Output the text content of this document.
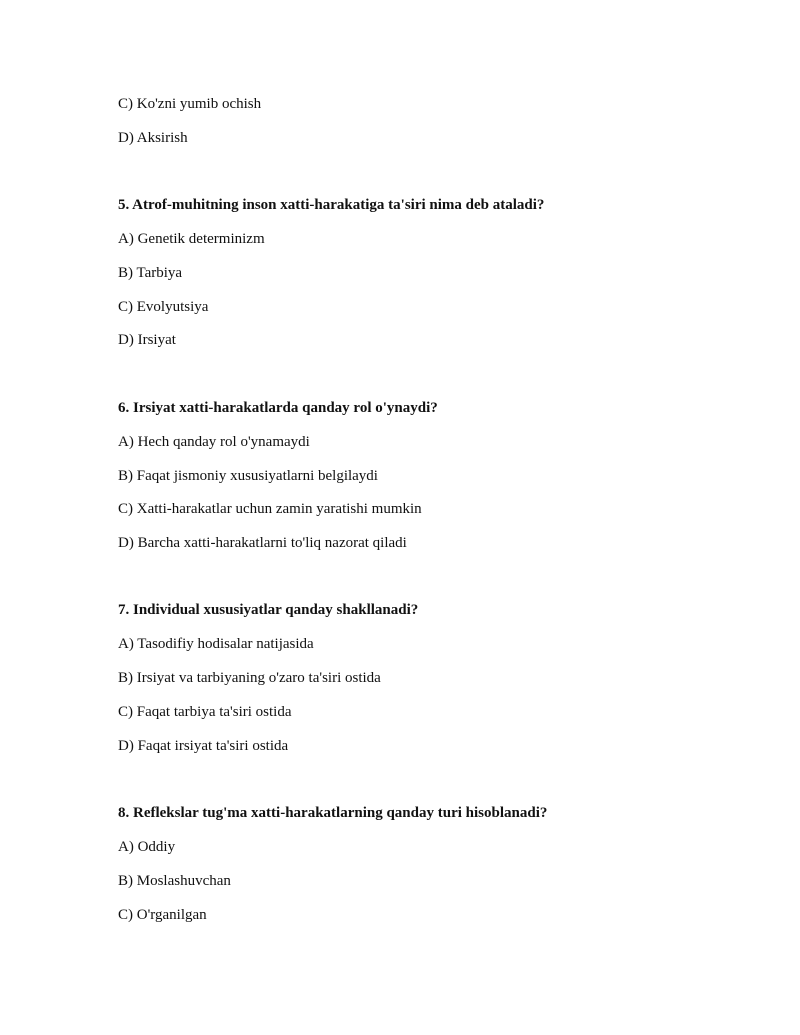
C) Ko'zni yumib ochish
D) Aksirish
5. Atrof-muhitning inson xatti-harakatiga ta'siri nima deb ataladi?
A) Genetik determinizm
B) Tarbiya
C) Evolyutsiya
D) Irsiyat
6. Irsiyat xatti-harakatlarda qanday rol o'ynaydi?
A) Hech qanday rol o'ynamaydi
B) Faqat jismoniy xususiyatlarni belgilaydi
C) Xatti-harakatlar uchun zamin yaratishi mumkin
D) Barcha xatti-harakatlarni to'liq nazorat qiladi
7. Individual xususiyatlar qanday shakllanadi?
A) Tasodifiy hodisalar natijasida
B) Irsiyat va tarbiyaning o'zaro ta'siri ostida
C) Faqat tarbiya ta'siri ostida
D) Faqat irsiyat ta'siri ostida
8. Reflekslar tug'ma xatti-harakatlarning qanday turi hisoblanadi?
A) Oddiy
B) Moslashuvchan
C) O'rganilgan
